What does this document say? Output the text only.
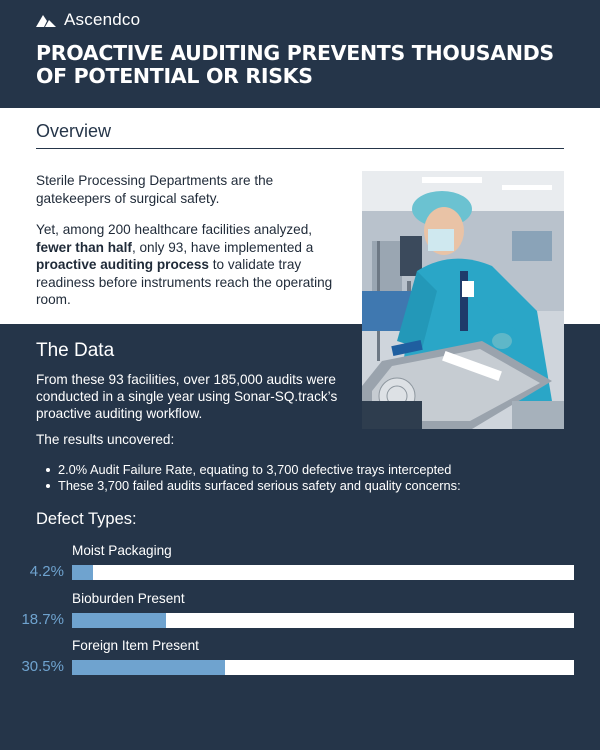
Ascendco
PROACTIVE AUDITING PREVENTS THOUSANDS OF POTENTIAL OR RISKS
Overview

Sterile Processing Departments are the gatekeepers of surgical safety.

Yet, among 200 healthcare facilities analyzed, fewer than half, only 93, have implemented a proactive auditing process to validate tray readiness before instruments reach the operating room.

The Data
From these 93 facilities, over 185,000 audits were conducted in a single year using Sonar-SQ.track’s proactive auditing workflow.
The results uncovered:
2.0% Audit Failure Rate, equating to 3,700 defective trays intercepted
These 3,700 failed audits surfaced serious safety and quality concerns:
Defect Types:
Moist Packaging
4.2%
Bioburden Present
18.7%
Foreign Item Present
30.5%
